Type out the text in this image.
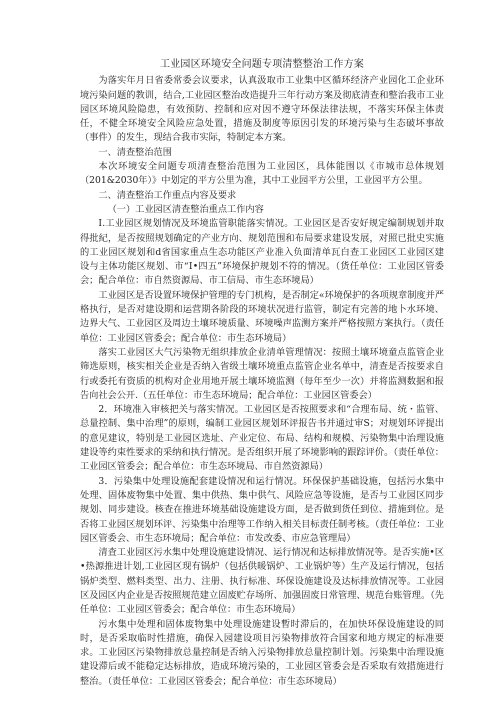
工业园区环境安全问题专项清整整治工作方案

为落实年月日省委常委会议要求，认真汲取市工业集中区循环经济产业园化工企业环境污染问题的教训，结合,工业园区整治改造提升三年行动方案及彻底清查和整治我市工业园区环境风险隐患，有效预防、控制和应对因不遵守环保法律法规，不落实环保主体责任，不健全环境安全风险应急处置，措施及制度等原因引发的环境污染与生态破坏事故（事件）的发生，现结合我市实际，特制定本方案。

一、清查整治范围

本次环境安全问题专项清查整治范围为工业园区，具体能围以《市城市总体规划（201&2030年）》中划定的平方公里为准，其中工业园平方公里，工业园平方公里。

二、清查整治工作重点内容及要求

（一）工业园区清查整治重点工作内容

Ⅰ.工业园区规划情况及环境监管职能落实情况。工业园区是否安好规定编制规划并取得批紀，是否按照规划确定的产业方向、规划范围和布局要求建设发展，对照已批史实施的工业园区规划和d省国家重点生态功能区产业准入负面清单瓦白查工业园区工业园区建设与主体功能区规划、市“Ⅰ•四五”环境保护规划不符的情况。（货任单位：工业园区管委会；配合单位：市自然资源局、市工信局、市生态环境局）

工业园区是否设置环境保护管理的专门机构，是否制定«环境保护的各项规章制度并严格执行，是否对建设期和运营期各阶段的环境状况进行监管，制定有完善的地卜水环境、边界大气、工业园区及周边土壤环境质量、环境噪声监测方案并严格按照方案执行。（责任单位：工业园区管委会；配合单位：市生态环境局）

落实工业园区大气污染物无组织排放企业清单管理情况：按照土壤环境童点监管企业筛选原则，核实相关企业是否纳入省级土壤环境重点监管企业名单中，清查是否按要求自行或委托有资质的机构对企业用地开展土壤环境监测（每年至少一次）并将监测数据和报告向社会公开.（五任单位：市生态环境局；配合单位：工业园区管委会）

2．环境准入审核把关与落实情况。工业园区是否按照要求和“合理布局、统・监管、总量控制、集中治理”的原则，编制工业园区规划环评报告书并通过审S；对规划环评提出的意见建议，特别是工业园区选址、产业定位、布局、结构和规模、污染物集中治理设施建设等约束性要求的采纳和执行情况。是否组织开展了环境影响的跟踪评价。（责任单位：工业园区管委会；配合单位：市生态环境局、市自然资源局）

3．污染集中处理设施配套建设情况和运行情况。环保保护基础设施，包括污水集中处理、固体废物集中处置、集中供热、集中供气、风险应急等设施，是否与工业园区同步规划、同步建设。核查在推进环境基础设施建设方面，是否做到货任到位、措施到位。是否将工业园区规划环评、污染集中治理等工作纳入相关目标责任制考核。（责任单位：工业园区管委会、市生态环境局；配合单位：市发改委、市应急管理局）

清査工业园区污水集中处理设施建设情况、运行情况和达标排放情况等。是否实施•区•热源推进计划,工业园区现有锅炉（包括供暖锅炉、工业锅炉等）生产及运行情况，包括锅炉类型、燃料类型、出力、注册、执行标准、环保设施建设及达标排放情况等。工业园区及园区内企业是否按照规范建立固废贮存场所、加强固废日常管理、规范台账管理。（先任单位：工业园区管委会；配合单位：市生态环境局）

污水集中处理和固体废物集中处理设施建设暫时滞后的，在加快环保设施建设的同时，是否采取临时性措施，确保入园建设项目污染物排放符合国家和地方规定的标准要求。工业园区污染物排放总量控制是否纳入污染物排放总量控制计划。污染集中治理设施建设滞后或不能稳定达标排放，造成环境污染的，工业园区管委会是否采取有效措施进行整治。（责任单位：工业园区管委会；配合单位：市生态环境局）
